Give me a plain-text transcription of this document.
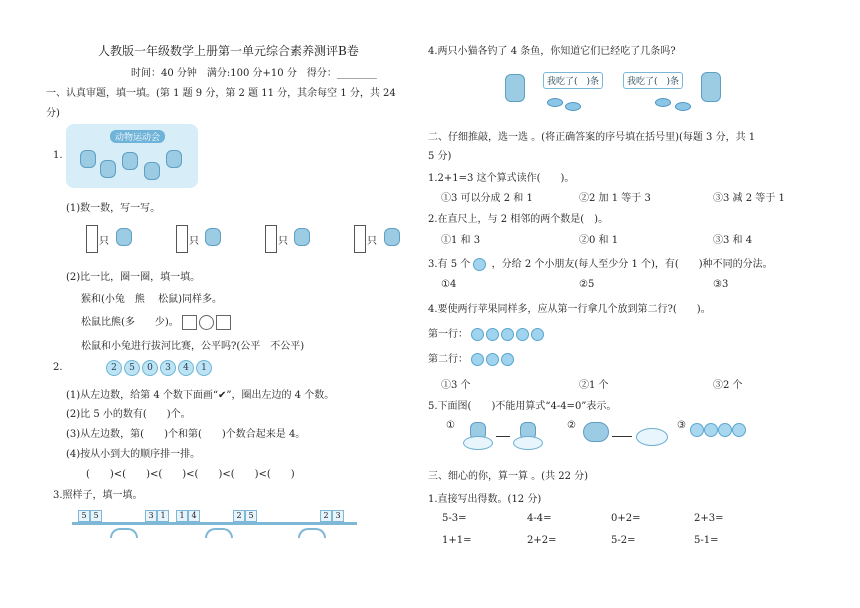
人教版一年级数学上册第一单元综合素养测评B卷
时间：40 分钟　满分:100 分+10 分　得分：________
一、认真审题，填一填。(第 1 题 9 分，第 2 题 11 分，其余每空 1 分，共 24
分)
1.
动物运动会
(1)数一数，写一写。
只	只	只	只
(2)比一比，圈一圈，填一填。
猴和(小兔　熊　 松鼠)同样多。
松鼠比熊(多　　少)。
松鼠和小兔进行拔河比赛，公平吗?(公平　不公平)
2.	2	5	0	3	4	1
(1)从左边数，给第 4 个数下面画“✔”，圈出左边的 4 个数。
(2)比 5 小的数有(　　)个。
(3)从左边数，第(　　)个和第(　　)个数合起来是 4。
(4)按从小到大的顺序排一排。
(　　)<(　　)<(　　)<(　　)<(　　)<(　　)
3.照样子，填一填。
5 5	3 1	1 4	2 5	2 3
4.两只小猫各钓了 4 条鱼，你知道它们已经吃了几条吗?
我吃了(　)条	我吃了(　)条
二、仔细推敲，选一选 。(将正确答案的序号填在括号里)(每题 3 分，共 1
5 分)
1.2+1=3 这个算式读作(　　)。
①3 可以分成 2 和 1	②2 加 1 等于 3	③3 减 2 等于 1
2.在直尺上，与 2 相邻的两个数是(　)。
①1 和 3	②0 和 1	③3 和 4
3.有 5 个 ，分给 2 个小朋友(每人至少分 1 个)，有(　　)种不同的分法。
①4	②5	③3
4.要使两行苹果同样多，应从第一行拿几个放到第二行?(　　)。
第一行：
第二行：
①3 个	②1 个	③2 个
5.下面图(　　)不能用算式“4-4=0”表示。
①	②	③
三、细心的你，算一算 。(共 22 分)
1.直接写出得数。(12 分)
5-3=	4-4=	0+2=	2+3=
1+1=	2+2=	5-2=	5-1=
